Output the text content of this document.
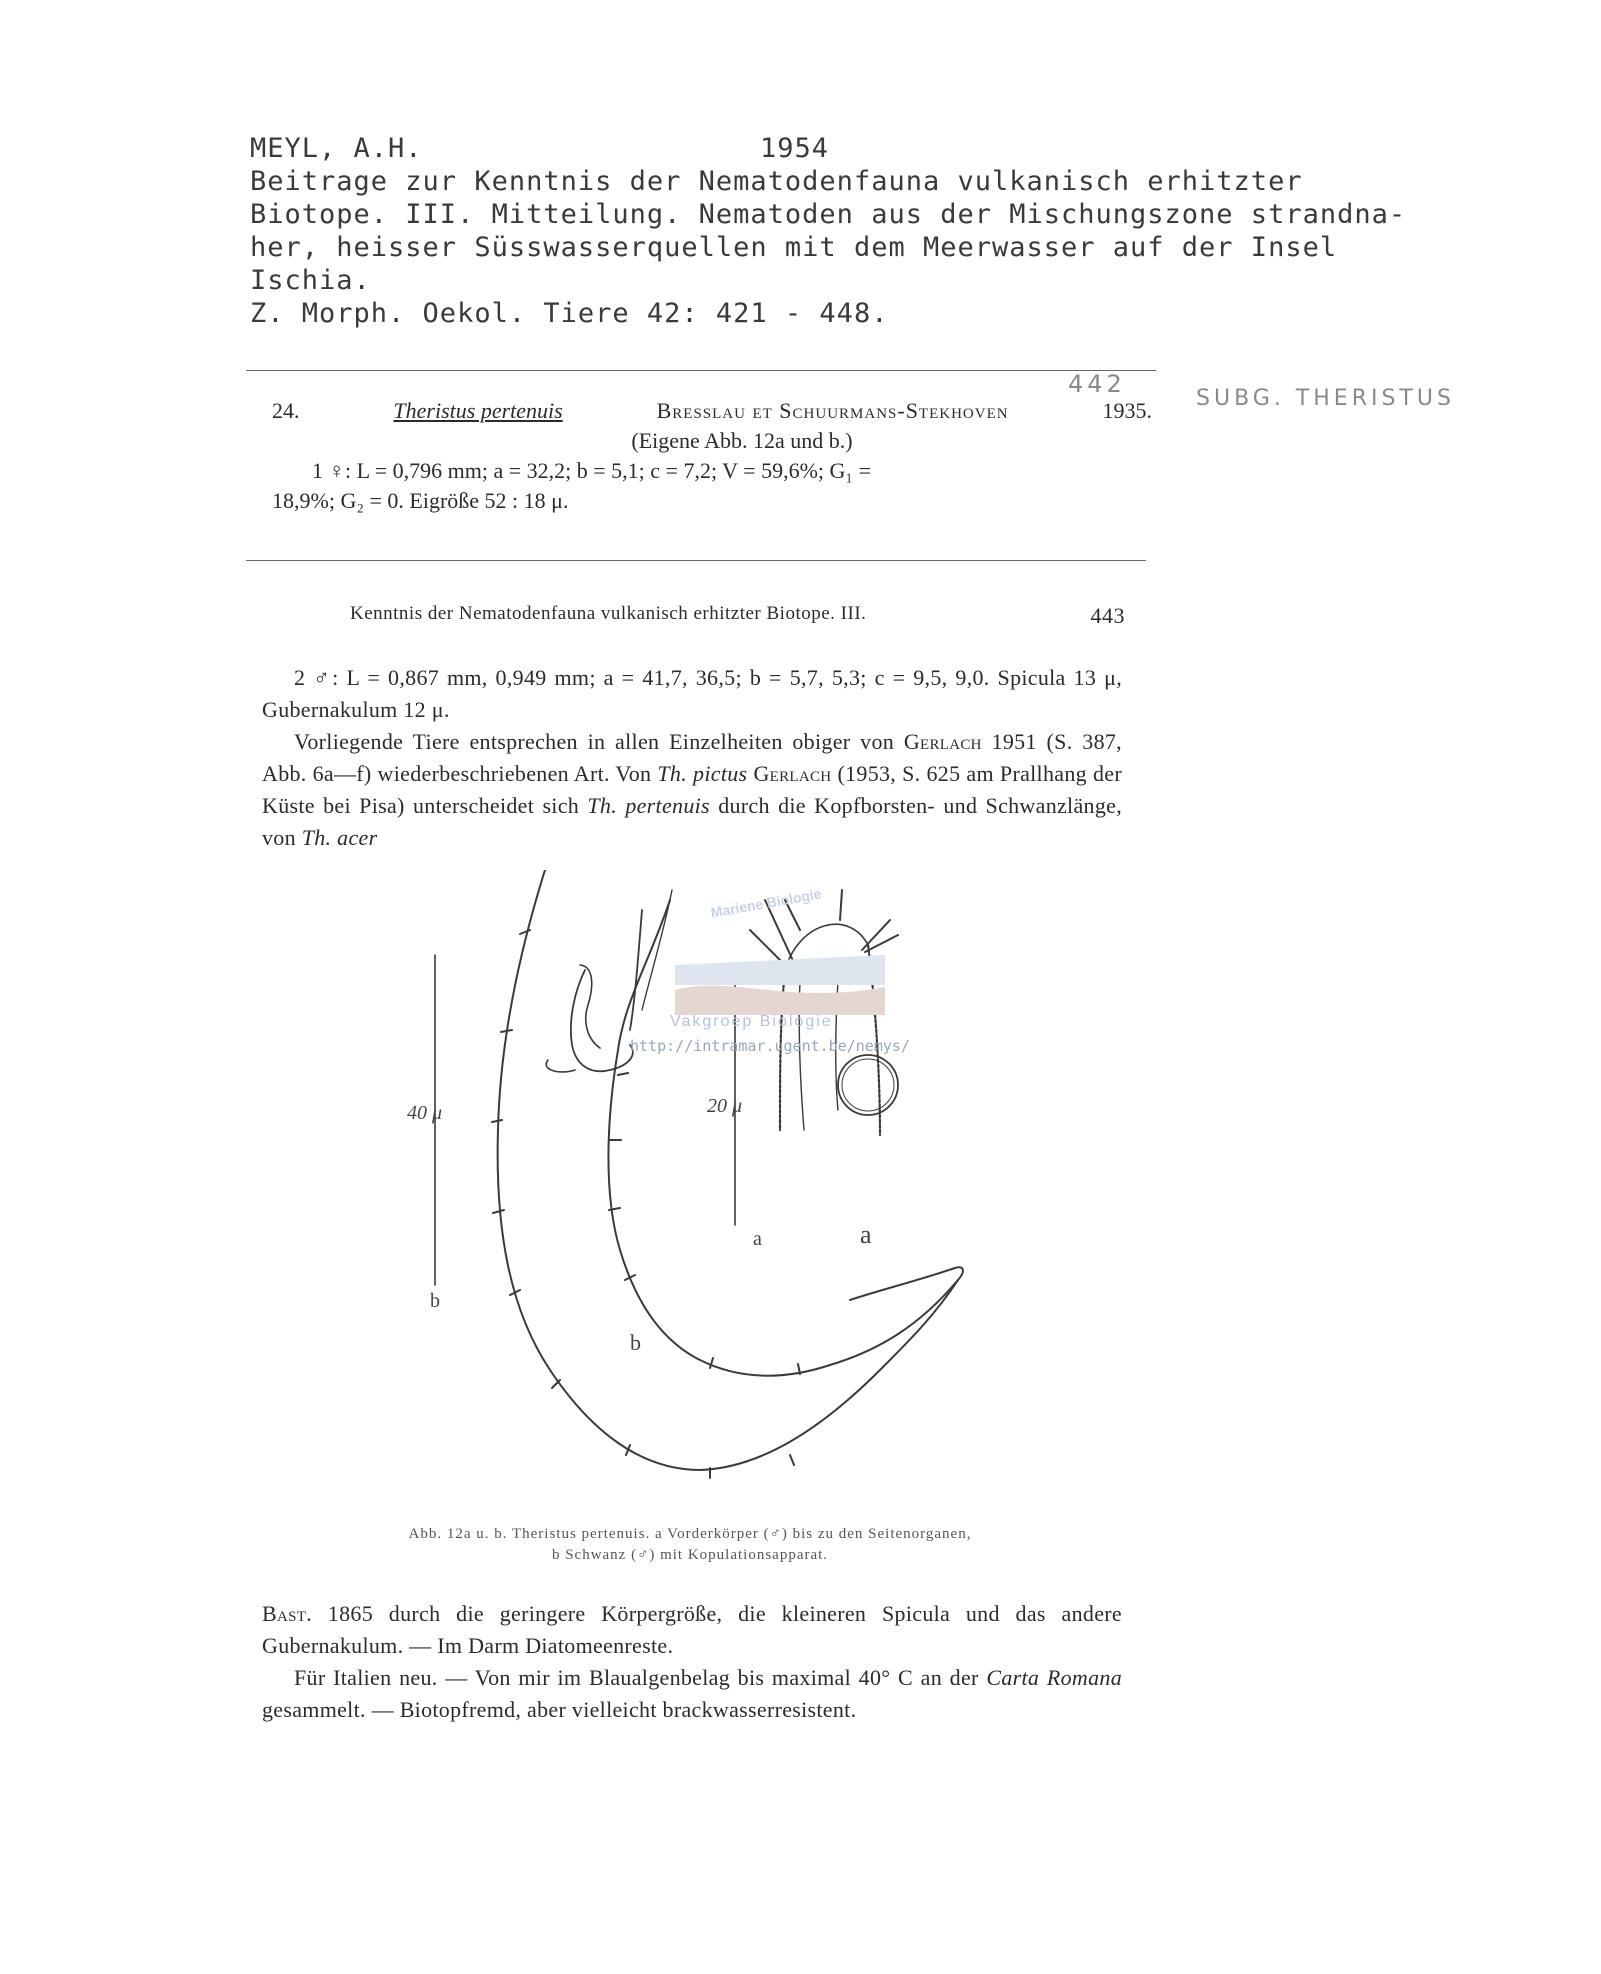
MEYL, A.H.	1954
Beitrage zur Kenntnis der Nematodenfauna vulkanisch erhitzter
Biotope. III. Mitteilung. Nematoden aus der Mischungszone strandna-
her, heisser Süsswasserquellen mit dem Meerwasser auf der Insel
Ischia.
Z. Morph. Oekol. Tiere 42: 421 - 448.
442
SUBG. THERISTUS
24.	Theristus pertenuis	Bresslau et Schuurmans-Stekhoven	1935.
(Eigene Abb. 12a und b.)
1 ♀: L = 0,796 mm; a = 32,2; b = 5,1; c = 7,2; V = 59,6%; G₁ =
18,9%; G₂ = 0. Eigröße 52 : 18 μ.
Kenntnis der Nematodenfauna vulkanisch erhitzter Biotope. III.	443

2 ♂: L = 0,867 mm, 0,949 mm; a = 41,7, 36,5; b = 5,7, 5,3; c = 9,5, 9,0. Spicula 13 μ, Gubernakulum 12 μ.

Vorliegende Tiere entsprechen in allen Einzelheiten obiger von Gerlach 1951 (S. 387, Abb. 6a—f) wiederbeschriebenen Art. Von Th. pictus Gerlach (1953, S. 625 am Prallhang der Küste bei Pisa) unterscheidet sich Th. pertenuis durch die Kopfborsten- und Schwanzlänge, von Th. acer

40 μ
b
20 μ
a	a
b
Mariene Biologie
Vakgroep Biologie
http://intramar.ugent.be/nemys/
Abb. 12a u. b. Theristus pertenuis. a Vorderkörper (♂) bis zu den Seitenorganen,
b Schwanz (♂) mit Kopulationsapparat.

Bast. 1865 durch die geringere Körpergröße, die kleineren Spicula und das andere Gubernakulum. — Im Darm Diatomeenreste.

Für Italien neu. — Von mir im Blaualgenbelag bis maximal 40° C an der Carta Romana gesammelt. — Biotopfremd, aber vielleicht brackwasserresistent.
